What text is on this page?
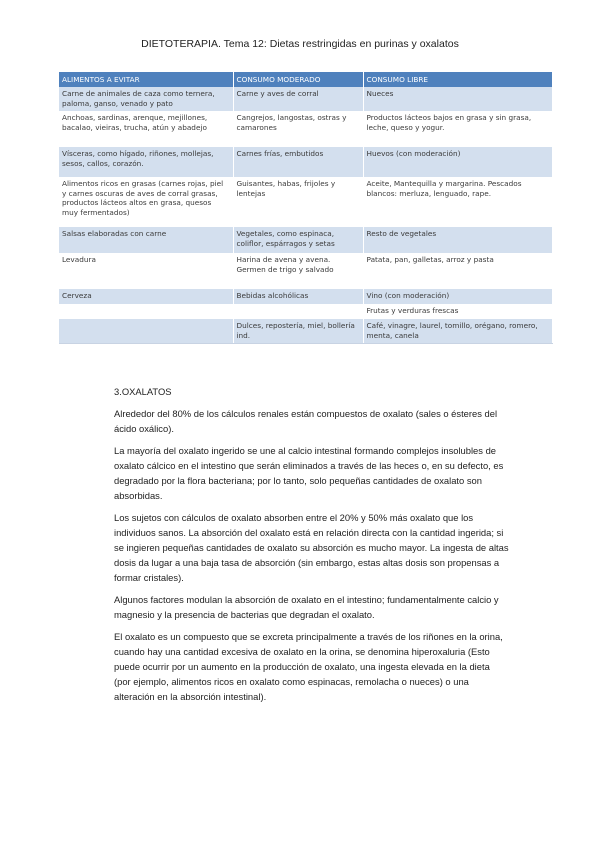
DIETOTERAPIA. Tema 12: Dietas restringidas en purinas y oxalatos
ALIMENTOS A EVITAR	CONSUMO MODERADO	CONSUMO LIBRE
Carne de animales de caza como ternera, paloma, ganso, venado y pato	Carne y aves de corral	Nueces
Anchoas, sardinas, arenque, mejillones, bacalao, vieiras, trucha, atún y abadejo	Cangrejos, langostas, ostras y camarones	Productos lácteos bajos en grasa y sin grasa, leche, queso y yogur.
Vísceras, como hígado, riñones, mollejas, sesos, callos, corazón.	Carnes frías, embutidos	Huevos (con moderación)
Alimentos ricos en grasas (carnes rojas, piel y carnes oscuras de aves de corral grasas, productos lácteos altos en grasa, quesos muy fermentados)	Guisantes, habas, frijoles y lentejas	Aceite, Mantequilla y margarina. Pescados blancos: merluza, lenguado, rape.
Salsas elaboradas con carne	Vegetales, como espinaca, coliflor, espárragos y setas	Resto de vegetales
Levadura	Harina de avena y avena. Germen de trigo y salvado	Patata, pan, galletas, arroz y pasta
Cerveza	Bebidas alcohólicas	Vino (con moderación)
		Frutas y verduras frescas
	Dulces, repostería, miel, bollería ind.	Café, vinagre, laurel, tomillo, orégano, romero, menta, canela

3.OXALATOS

Alrededor del 80% de los cálculos renales están compuestos de oxalato (sales o ésteres del ácido oxálico).

La mayoría del oxalato ingerido se une al calcio intestinal formando complejos insolubles de oxalato cálcico en el intestino que serán eliminados a través de las heces o, en su defecto, es degradado por la flora bacteriana; por lo tanto, solo pequeñas cantidades de oxalato son absorbidas.

Los sujetos con cálculos de oxalato absorben entre el 20% y 50% más oxalato que los individuos sanos. La absorción del oxalato está en relación directa con la cantidad ingerida; si se ingieren pequeñas cantidades de oxalato su absorción es mucho mayor. La ingesta de altas dosis da lugar a una baja tasa de absorción (sin embargo, estas altas dosis son propensas a formar cristales).

Algunos factores modulan la absorción de oxalato en el intestino; fundamentalmente calcio y magnesio y la presencia de bacterias que degradan el oxalato.

El oxalato es un compuesto que se excreta principalmente a través de los riñones en la orina, cuando hay una cantidad excesiva de oxalato en la orina, se denomina hiperoxaluria (Esto puede ocurrir por un aumento en la producción de oxalato, una ingesta elevada en la dieta (por ejemplo, alimentos ricos en oxalato como espinacas, remolacha o nueces) o una alteración en la absorción intestinal).
